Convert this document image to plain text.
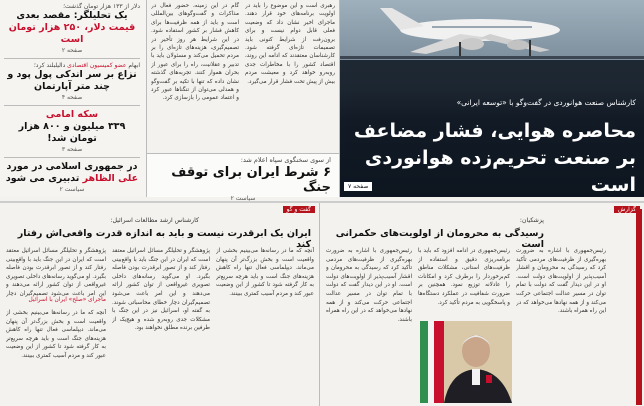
دلار از ۱۳۳ هزار تومان گذشت؛
یک تحلیلگر: مقصد بعدی
قیمت دلار، ۲۵۰ هزار تومان است
صفحه ۲
ابهام عضو کمیسیون اقتصادی دالیلبلند کرد؛
نزاع بر سر اندکی پول پود و چند متر آپارتمان
صفحه ۴
سکه امامی
۳۳۹ میلیون و ۸۰۰ هزار تومان شد!
صفحه ۳
در جمهوری اسلامی در مورد
علی الظاهر تدبیری می شود
سیاست ۲
گام در این زمینه، حضور فعال در مذاکرات و گفت‌وگوهای بین‌المللی است و باید از همه ظرفیت‌ها برای کاهش فشار بر کشور استفاده شود. در این شرایط هر روز تأخیر در تصمیم‌گیری، هزینه‌های تازه‌ای را بر مردم تحمیل می‌کند و مسئولان باید با تدبیر و عقلانیت، راه را برای عبور از بحران هموار کنند. تجربه‌های گذشته نشان داده که تنها با تکیه بر گفت‌وگو و همدلی می‌توان از تنگناها عبور کرد و اعتماد عمومی را بازسازی کرد.
رهبری است و این موضوع را باید در اولویت برنامه‌های خود قرار دهند. ماجرای اخیر نشان داد که وضعیت فعلی قابل دوام نیست و برای برون‌رفت از شرایط کنونی باید تصمیمات تازه‌ای گرفته شود. کارشناسان معتقدند که ادامه این روند، اقتصاد کشور را با مخاطرات جدی روبه‌رو خواهد کرد و معیشت مردم بیش از پیش تحت فشار قرار می‌گیرد.
از سوی سخنگوی سپاه اعلام شد:
۶ شرط ایران برای توقف جنگ
سیاست ۲
کارشناس صنعت هوانوردی در گفت‌وگو با «توسعه ایرانی»
محاصره هوایی، فشار مضاعف بر صنعت تحریم‌زده هوانوردی است
صفحه ۷
گفت و گو
کارشناس ارشد مطالعات اسرائیل:
ایران یک ابرقدرت نیست و باید به اندازه قدرت واقعی‌اش رفتار کند
پژوهشگر و تحلیلگر مسائل اسرائیل معتقد است که ایران در این جنگ باید با واقع‌بینی رفتار کند و از تصور ابرقدرت بودن فاصله بگیرد. او می‌گوید رسانه‌های داخلی تصویری غیرواقعی از توان کشور ارائه می‌دهند و این امر باعث می‌شود تصمیم‌گیران دچار
ماجرای «صلح» ایران با اسرائیل
آنچه که ما در رسانه‌ها می‌بینیم بخشی از واقعیت است و بخش بزرگ‌تر آن پنهان می‌ماند. دیپلماسی فعال تنها راه کاهش هزینه‌های جنگ است و باید هرچه سریع‌تر به کار گرفته شود تا کشور از این وضعیت عبور کند و مردم آسیب کمتری ببینند.
پژوهشگر و تحلیلگر مسائل اسرائیل معتقد است که ایران در این جنگ باید با واقع‌بینی رفتار کند و از تصور ابرقدرت بودن فاصله بگیرد. او می‌گوید رسانه‌های داخلی تصویری غیرواقعی از توان کشور ارائه می‌دهند و این امر باعث می‌شود تصمیم‌گیران دچار خطای محاسباتی شوند. به گفته او، اسرائیل نیز در این جنگ با مشکلات جدی روبه‌رو شده و هیچ‌یک از طرفین برنده مطلق نخواهند بود.
آنچه که ما در رسانه‌ها می‌بینیم بخشی از واقعیت است و بخش بزرگ‌تر آن پنهان می‌ماند. دیپلماسی فعال تنها راه کاهش هزینه‌های جنگ است و باید هرچه سریع‌تر به کار گرفته شود تا کشور از این وضعیت عبور کند و مردم آسیب کمتری ببینند.
گزارش
پزشکیان:
رسیدگی به محرومان از اولویت‌های حکمرانی است
رئیس‌جمهوری با اشاره به ضرورت بهره‌گیری از ظرفیت‌های مردمی تأکید کرد که رسیدگی به محرومان و اقشار آسیب‌پذیر از اولویت‌های دولت است. او در این دیدار گفت که دولت با تمام توان در مسیر عدالت اجتماعی حرکت می‌کند و از همه نهادها می‌خواهد که در این راه همراه باشند.
رئیس‌جمهوری در ادامه افزود که باید با برنامه‌ریزی دقیق و استفاده از ظرفیت‌های استانی، مشکلات مناطق کم‌برخوردار را برطرف کرد و امکانات را عادلانه توزیع نمود. همچنین بر ضرورت شفافیت در عملکرد دستگاه‌ها و پاسخگویی به مردم تأکید کرد.
رئیس‌جمهوری با اشاره به ضرورت بهره‌گیری از ظرفیت‌های مردمی تأکید کرد که رسیدگی به محرومان و اقشار آسیب‌پذیر از اولویت‌های دولت است. او در این دیدار گفت که دولت با تمام توان در مسیر عدالت اجتماعی حرکت می‌کند و از همه نهادها می‌خواهد که در این راه همراه باشند.
